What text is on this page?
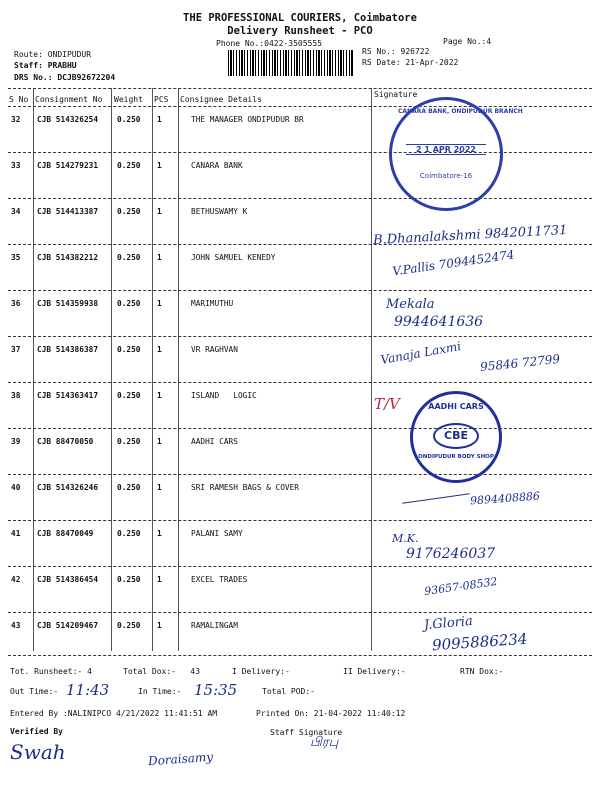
THE PROFESSIONAL COURIERS, Coimbatore
Delivery Runsheet - PCO
Phone No.:0422-3505555	Page No.:4
Route: ONDIPUDUR
Staff: PRABHU
DRS No.: DCJB92672204
RS No.: 926722
RS Date: 21-Apr-2022
S No Consignment No Weight PCS Consignee Details
Signature
32 CJB 514326254 0.250 1	THE MANAGER ONDIPUDUR BR
33 CJB 514279231 0.250 1	CANARA BANK
34 CJB 514413387 0.250 1	BETHUSWAMY K
35 CJB 514382212 0.250 1	JOHN SAMUEL KENEDY
36 CJB 514359938 0.250 1	MARIMUTHU
37 CJB 514386387 0.250 1	VR RAGHVAN
38 CJB 514363417 0.250 1	ISLAND   LOGIC
39 CJB 88470050	0.250 1	AADHI CARS
40 CJB 514326246 0.250 1	SRI RAMESH BAGS & COVER
41 CJB 88470049	0.250 1	PALANI SAMY
42 CJB 514386454 0.250 1	EXCEL TRADES
43 CJB 514209467 0.250 1	RAMALINGAM
CANARA BANK, ONDIPUDUR BRANCH
2 1 APR 2022
Coimbatore-16
AADHI CARS
CBE
ONDIPUDUR BODY SHOP
B.Dhanalakshmi 9842011731
V.Pallis 7094452474
Mekala
9944641636
Vanaja Laxmi 95846 72799
T/V
9894408886
M.K.
9176246037
93657-08532
J.Gloria
9095886234
Tot. Runsheet:- 4	Total Dox:-   43	I Delivery:-	II Delivery:-	RTN Dox:-
Out Time:- 11:43	In Time:- 15:35	Total POD:-
Entered By :NALINIPCO 4/21/2022 11:41:51 AM	Printed On: 21-04-2022 11:40:12
Verified By	Staff Signature
Swah	Doraisamy
பிரபு
